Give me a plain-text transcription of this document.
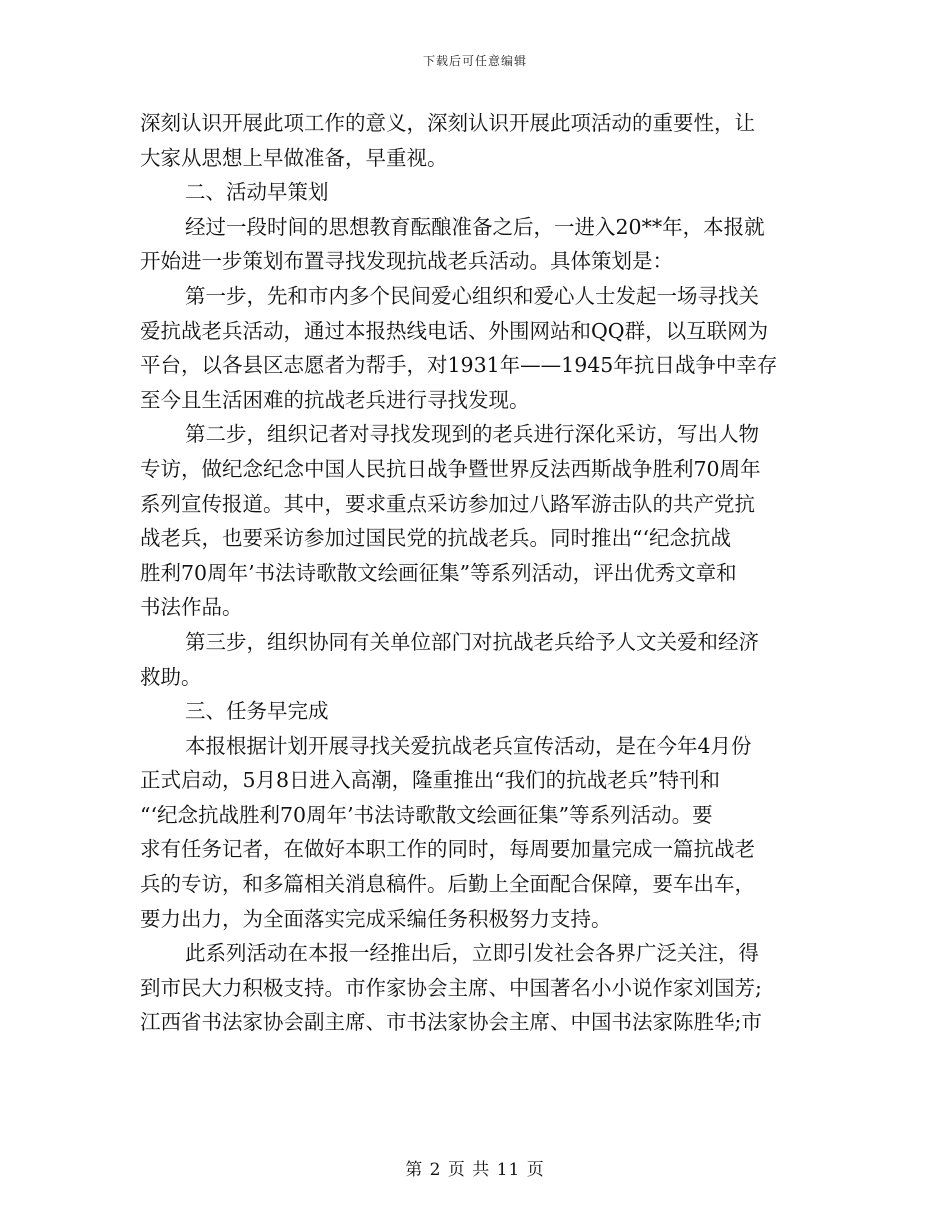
下载后可任意编辑
深刻认识开展此项工作的意义，深刻认识开展此项活动的重要性，让
大家从思想上早做准备，早重视。
二、活动早策划
经过一段时间的思想教育酝酿准备之后，一进入20**年，本报就
开始进一步策划布置寻找发现抗战老兵活动。具体策划是：
第一步，先和市内多个民间爱心组织和爱心人士发起一场寻找关
爱抗战老兵活动，通过本报热线电话、外围网站和QQ群，以互联网为
平台，以各县区志愿者为帮手，对1931年——1945年抗日战争中幸存
至今且生活困难的抗战老兵进行寻找发现。
第二步，组织记者对寻找发现到的老兵进行深化采访，写出人物
专访，做纪念纪念中国人民抗日战争暨世界反法西斯战争胜利70周年
系列宣传报道。其中，要求重点采访参加过八路军游击队的共产党抗
战老兵，也要采访参加过国民党的抗战老兵。同时推出“‘纪念抗战
胜利70周年’书法诗歌散文绘画征集”等系列活动，评出优秀文章和
书法作品。
第三步，组织协同有关单位部门对抗战老兵给予人文关爱和经济
救助。
三、任务早完成
本报根据计划开展寻找关爱抗战老兵宣传活动，是在今年4月份
正式启动，5月8日进入高潮，隆重推出“我们的抗战老兵”特刊和
“‘纪念抗战胜利70周年’书法诗歌散文绘画征集”等系列活动。要
求有任务记者，在做好本职工作的同时，每周要加量完成一篇抗战老
兵的专访，和多篇相关消息稿件。后勤上全面配合保障，要车出车，
要力出力，为全面落实完成采编任务积极努力支持。
此系列活动在本报一经推出后，立即引发社会各界广泛关注，得
到市民大力积极支持。市作家协会主席、中国著名小小说作家刘国芳;
江西省书法家协会副主席、市书法家协会主席、中国书法家陈胜华;市
第 2 页 共 11 页
